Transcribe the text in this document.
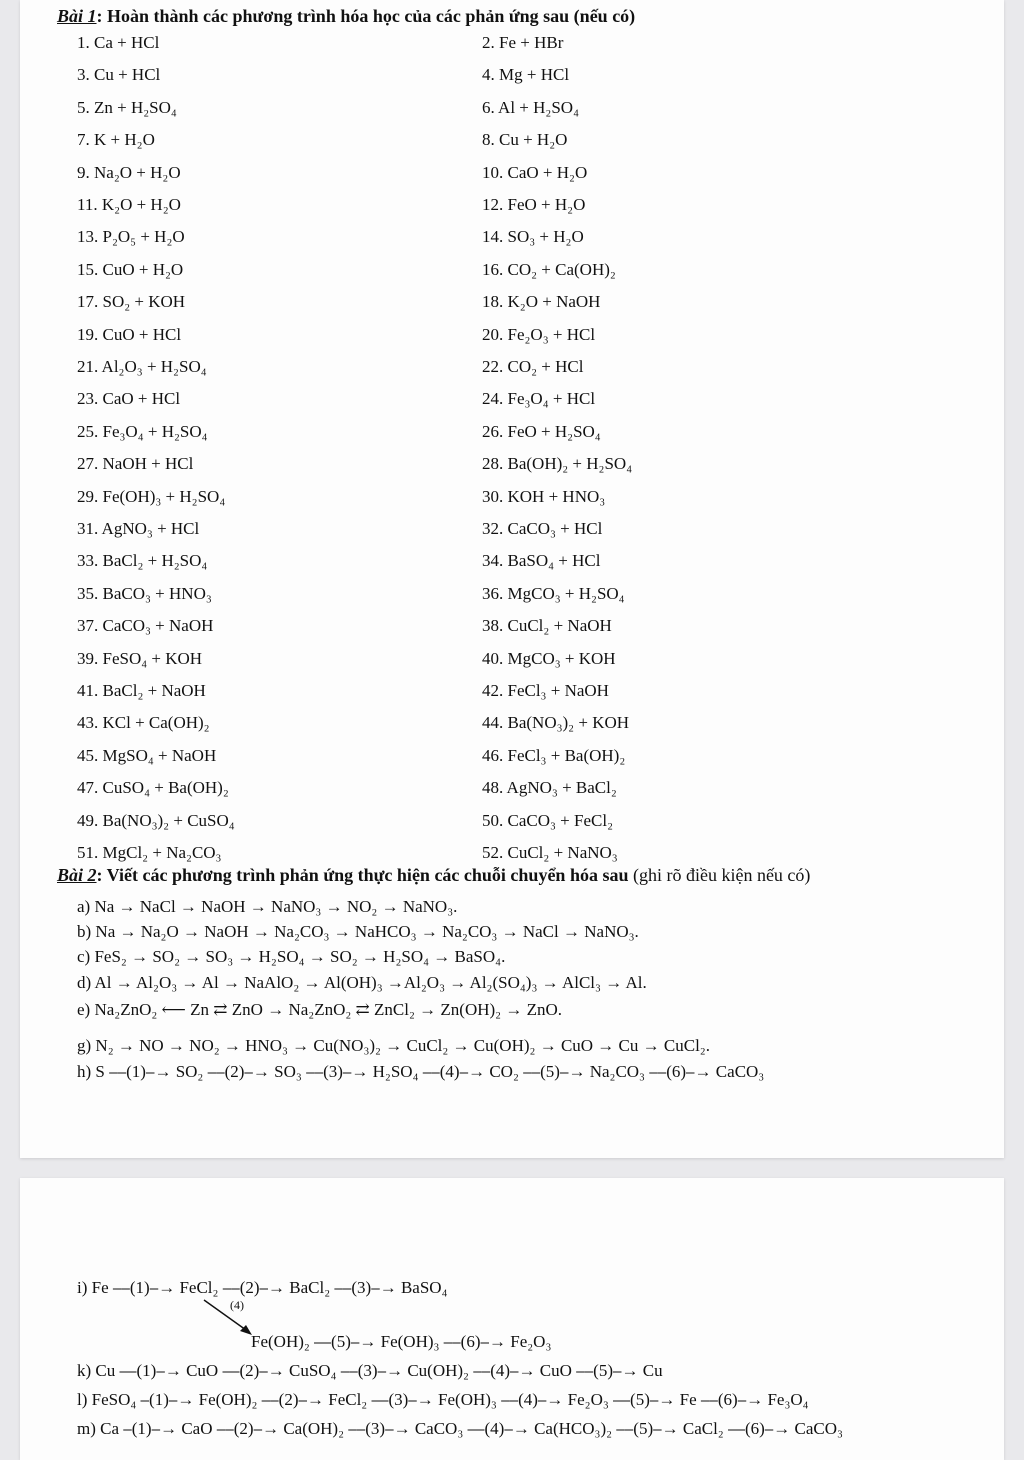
Bài 1: Hoàn thành các phương trình hóa học của các phản ứng sau (nếu có)
1. Ca + HCl	2. Fe + HBr
3. Cu + HCl	4. Mg + HCl
5. Zn + H₂SO₄	6. Al + H₂SO₄
7. K + H₂O	8. Cu + H₂O
9. Na₂O + H₂O	10. CaO + H₂O
11. K₂O + H₂O	12. FeO + H₂O
13. P₂O₅ + H₂O	14. SO₃ + H₂O
15. CuO + H₂O	16. CO₂ + Ca(OH)₂
17. SO₂ + KOH	18. K₂O + NaOH
19. CuO + HCl	20. Fe₂O₃ + HCl
21. Al₂O₃ + H₂SO₄	22. CO₂ + HCl
23. CaO + HCl	24. Fe₃O₄ + HCl
25. Fe₃O₄ + H₂SO₄	26. FeO + H₂SO₄
27. NaOH + HCl	28. Ba(OH)₂ + H₂SO₄
29. Fe(OH)₃ + H₂SO₄	30. KOH + HNO₃
31. AgNO₃ + HCl	32. CaCO₃ + HCl
33. BaCl₂ + H₂SO₄	34. BaSO₄ + HCl
35. BaCO₃ + HNO₃	36. MgCO₃ + H₂SO₄
37. CaCO₃ + NaOH	38. CuCl₂ + NaOH
39. FeSO₄ + KOH	40. MgCO₃ + KOH
41. BaCl₂ + NaOH	42. FeCl₃ + NaOH
43. KCl + Ca(OH)₂	44. Ba(NO₃)₂ + KOH
45. MgSO₄ + NaOH	46. FeCl₃ + Ba(OH)₂
47. CuSO₄ + Ba(OH)₂	48. AgNO₃ + BaCl₂
49. Ba(NO₃)₂ + CuSO₄	50. CaCO₃ + FeCl₂
51. MgCl₂ + Na₂CO₃	52. CuCl₂ + NaNO₃
Bài 2: Viết các phương trình phản ứng thực hiện các chuỗi chuyển hóa sau (ghi rõ điều kiện nếu có)
a) Na → NaCl → NaOH → NaNO₃ → NO₂ → NaNO₃.
b) Na → Na₂O → NaOH → Na₂CO₃ → NaHCO₃ → Na₂CO₃ → NaCl → NaNO₃.
c) FeS₂ → SO₂ → SO₃ → H₂SO₄ → SO₂ → H₂SO₄ → BaSO₄.
d) Al → Al₂O₃ → Al → NaAlO₂ → Al(OH)₃ →Al₂O₃ → Al₂(SO₄)₃ → AlCl₃ → Al.
e) Na₂ZnO₂ ⟵ Zn ⇄ ZnO → Na₂ZnO₂ ⇄ ZnCl₂ → Zn(OH)₂ → ZnO.
g) N₂ → NO → NO₂ → HNO₃ → Cu(NO₃)₂ → CuCl₂ → Cu(OH)₂ → CuO → Cu → CuCl₂.
h) S ⎯⎯(1)⎯→ SO₂ ⎯⎯(2)⎯→ SO₃ ⎯⎯(3)⎯→ H₂SO₄ ⎯⎯(4)⎯→ CO₂ ⎯⎯(5)⎯→ Na₂CO₃ ⎯⎯(6)⎯→ CaCO₃
i) Fe ⎯⎯(1)⎯→ FeCl₂ ⎯⎯(2)⎯→ BaCl₂ ⎯⎯(3)⎯→ BaSO₄
(4)
Fe(OH)₂ ⎯⎯(5)⎯→ Fe(OH)₃ ⎯⎯(6)⎯→ Fe₂O₃
k) Cu ⎯⎯(1)⎯→ CuO ⎯⎯(2)⎯→ CuSO₄ ⎯⎯(3)⎯→ Cu(OH)₂ ⎯⎯(4)⎯→ CuO ⎯⎯(5)⎯→ Cu
l) FeSO₄ ⎯(1)⎯→ Fe(OH)₂ ⎯⎯(2)⎯→ FeCl₂ ⎯⎯(3)⎯→ Fe(OH)₃ ⎯⎯(4)⎯→ Fe₂O₃ ⎯⎯(5)⎯→ Fe ⎯⎯(6)⎯→ Fe₃O₄
m) Ca ⎯(1)⎯→ CaO ⎯⎯(2)⎯→ Ca(OH)₂ ⎯⎯(3)⎯→ CaCO₃ ⎯⎯(4)⎯→ Ca(HCO₃)₂ ⎯⎯(5)⎯→ CaCl₂ ⎯⎯(6)⎯→ CaCO₃
